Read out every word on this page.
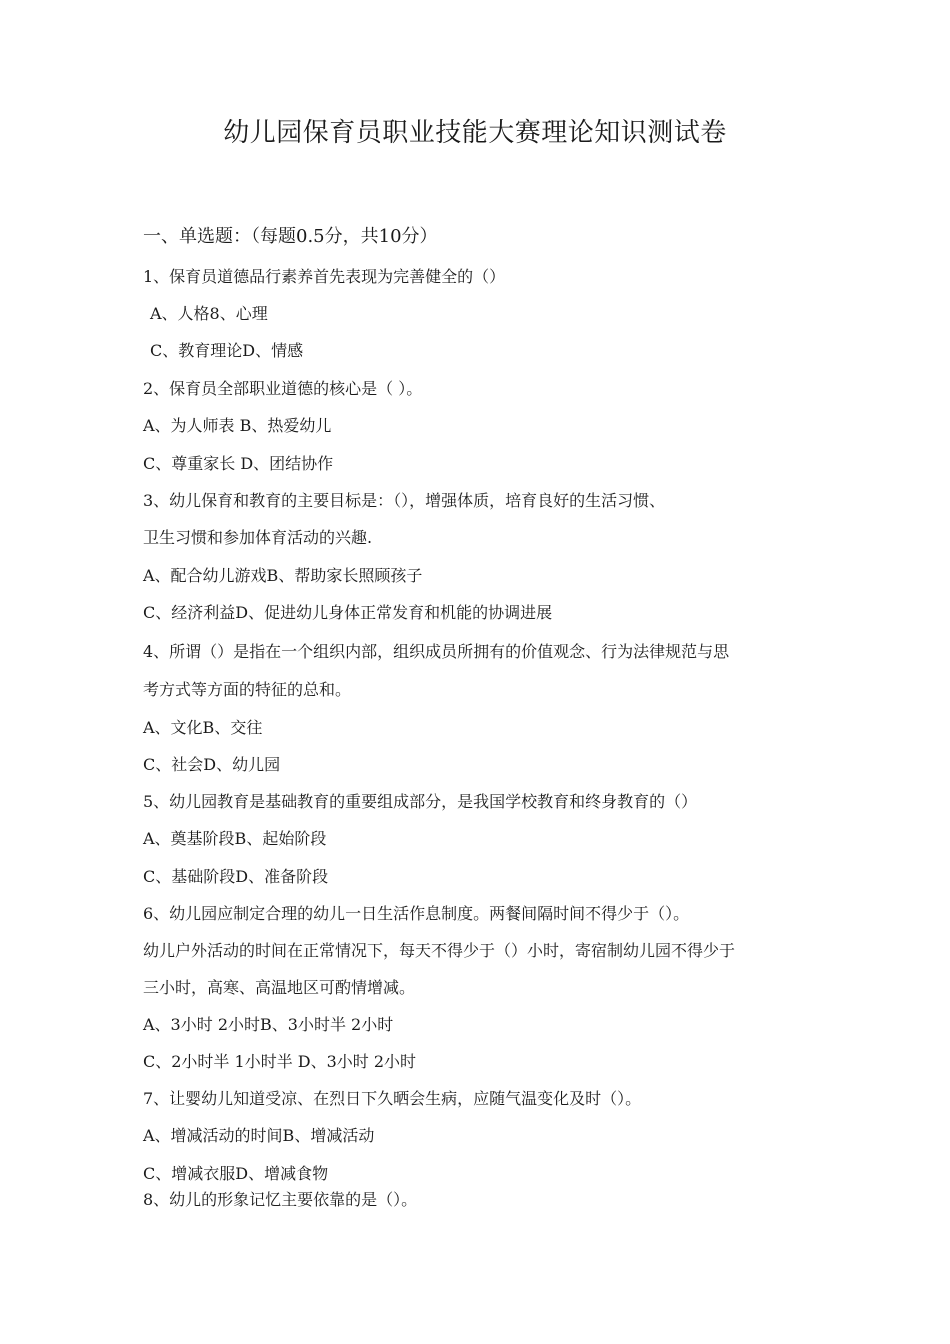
幼儿园保育员职业技能大赛理论知识测试卷
一、单选题：（每题0.5分，共10分）
1、保育员道德品行素养首先表现为完善健全的（）
A、人格8、心理
C、教育理论D、情感
2、保育员全部职业道德的核心是（ ）。
A、为人师表 B、热爱幼儿
C、尊重家长 D、团结协作
3、幼儿保育和教育的主要目标是：（），增强体质，培育良好的生活习惯、
卫生习惯和参加体育活动的兴趣.
A、配合幼儿游戏B、帮助家长照顾孩子
C、经济利益D、促进幼儿身体正常发育和机能的协调进展
4、所谓（）是指在一个组织内部，组织成员所拥有的价值观念、行为法律规范与思
考方式等方面的特征的总和。
A、文化B、交往
C、社会D、幼儿园
5、幼儿园教育是基础教育的重要组成部分，是我国学校教育和终身教育的（）
A、奠基阶段B、起始阶段
C、基础阶段D、准备阶段
6、幼儿园应制定合理的幼儿一日生活作息制度。两餐间隔时间不得少于（）。
幼儿户外活动的时间在正常情况下，每天不得少于（）小时，寄宿制幼儿园不得少于
三小时，高寒、高温地区可酌情增减。
A、3小时 2小时B、3小时半 2小时
C、2小时半 1小时半 D、3小时 2小时
7、让婴幼儿知道受凉、在烈日下久晒会生病，应随气温变化及时（）。
A、增减活动的时间B、增减活动
C、增减衣服D、增减食物
8、幼儿的形象记忆主要依靠的是（）。
